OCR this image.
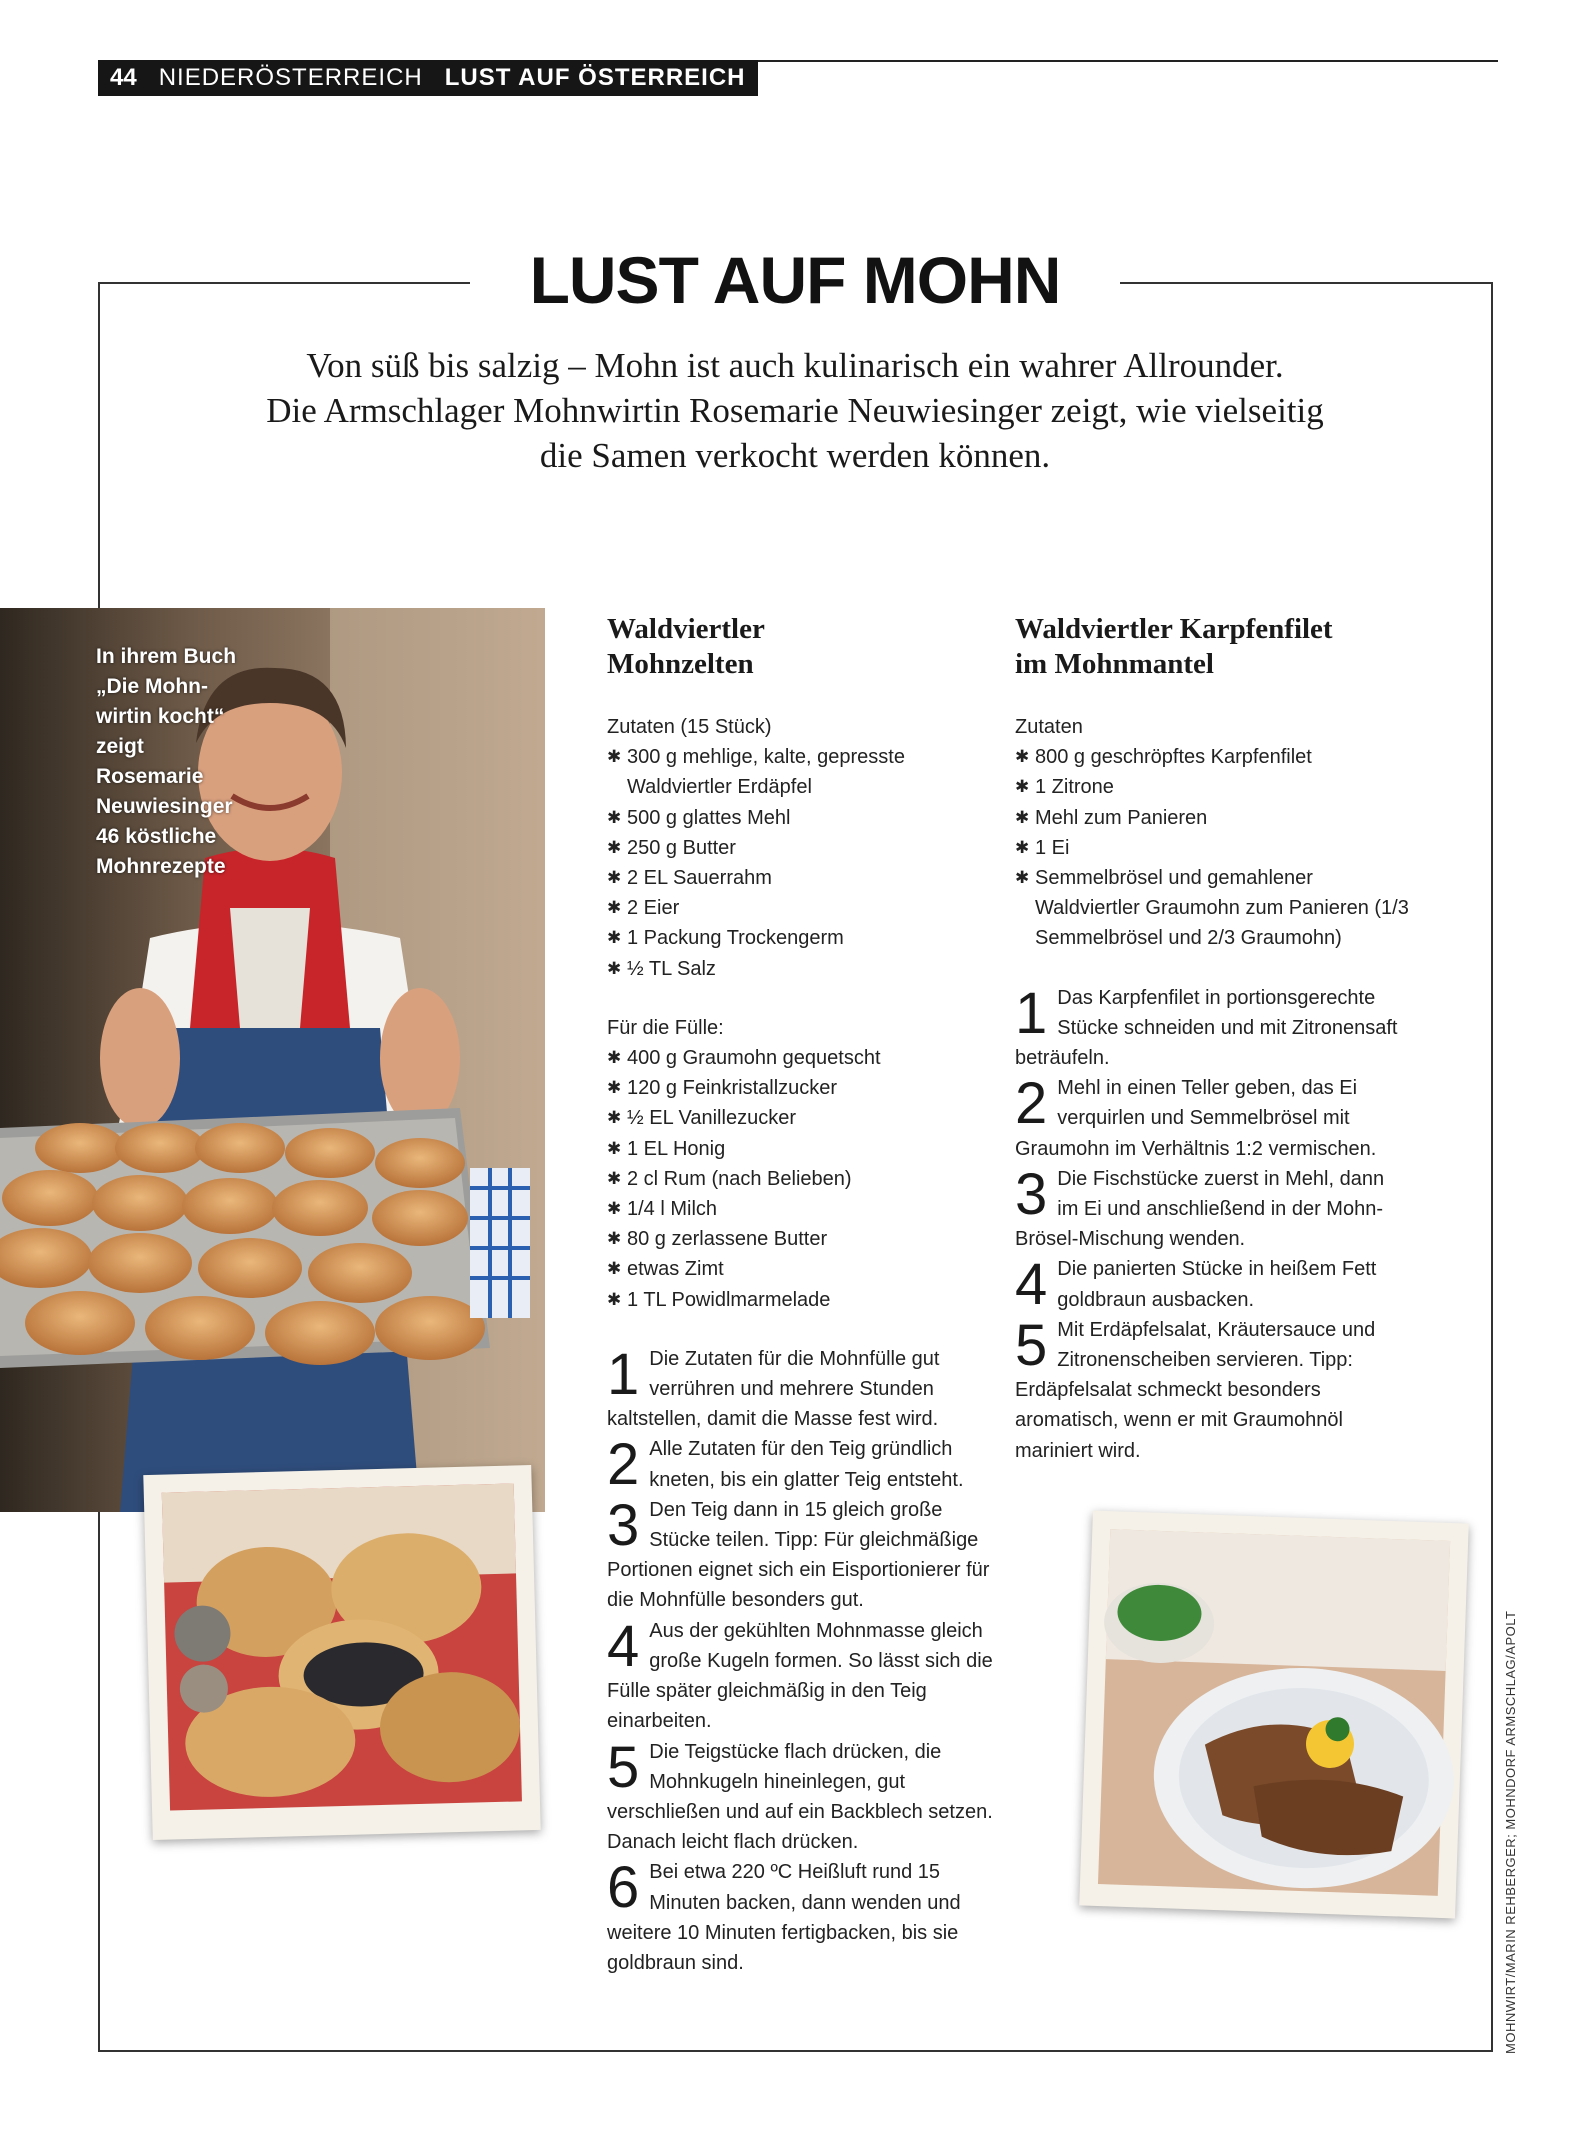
44 NIEDERÖSTERREICH LUST AUF ÖSTERREICH
LUST AUF MOHN
Von süß bis salzig – Mohn ist auch kulinarisch ein wahrer Allrounder.
Die Armschlager Mohnwirtin Rosemarie Neuwiesinger zeigt, wie vielseitig
die Samen verkocht werden können.
In ihrem Buch
„Die Mohn-
wirtin kocht“
zeigt
Rosemarie
Neuwiesinger
46 köstliche
Mohnrezepte
Waldviertler
Mohnzelten
Zutaten (15 Stück)
✱ 300 g mehlige, kalte, gepresste Waldviertler Erdäpfel
✱ 500 g glattes Mehl
✱ 250 g Butter
✱ 2 EL Sauerrahm
✱ 2 Eier
✱ 1 Packung Trockengerm
✱ ½ TL Salz
Für die Fülle:
✱ 400 g Graumohn gequetscht
✱ 120 g Feinkristallzucker
✱ ½ EL Vanillezucker
✱ 1 EL Honig
✱ 2 cl Rum (nach Belieben)
✱ 1/4 l Milch
✱ 80 g zerlassene Butter
✱ etwas Zimt
✱ 1 TL Powidlmarmelade
1 Die Zutaten für die Mohnfülle gut verrühren und mehrere Stunden kaltstellen, damit die Masse fest wird.
2 Alle Zutaten für den Teig gründlich kneten, bis ein glatter Teig entsteht.
3 Den Teig dann in 15 gleich große Stücke teilen. Tipp: Für gleichmäßige Portionen eignet sich ein Eisportionierer für die Mohnfülle besonders gut.
4 Aus der gekühlten Mohnmasse gleich große Kugeln formen. So lässt sich die Fülle später gleichmäßig in den Teig einarbeiten.
5 Die Teigstücke flach drücken, die Mohnkugeln hineinlegen, gut verschließen und auf ein Backblech setzen. Danach leicht flach drücken.
6 Bei etwa 220 ºC Heißluft rund 15 Minuten backen, dann wenden und weitere 10 Minuten fertigbacken, bis sie goldbraun sind.
Waldviertler Karpfenfilet
im Mohnmantel
Zutaten
✱ 800 g geschröpftes Karpfenfilet
✱ 1 Zitrone
✱ Mehl zum Panieren
✱ 1 Ei
✱ Semmelbrösel und gemahlener Waldviertler Graumohn zum Panieren (1/3 Semmelbrösel und 2/3 Graumohn)
1 Das Karpfenfilet in portionsgerechte Stücke schneiden und mit Zitronensaft beträufeln.
2 Mehl in einen Teller geben, das Ei verquirlen und Semmelbrösel mit Graumohn im Verhältnis 1:2 vermischen.
3 Die Fischstücke zuerst in Mehl, dann im Ei und anschließend in der Mohn-Brösel-Mischung wenden.
4 Die panierten Stücke in heißem Fett goldbraun ausbacken.
5 Mit Erdäpfelsalat, Kräutersauce und Zitronenscheiben servieren. Tipp: Erdäpfelsalat schmeckt besonders aromatisch, wenn er mit Graumohnöl mariniert wird.
MOHNWIRT/MARIN REHBERGER; MOHNDORF ARMSCHLAG/APOLT
